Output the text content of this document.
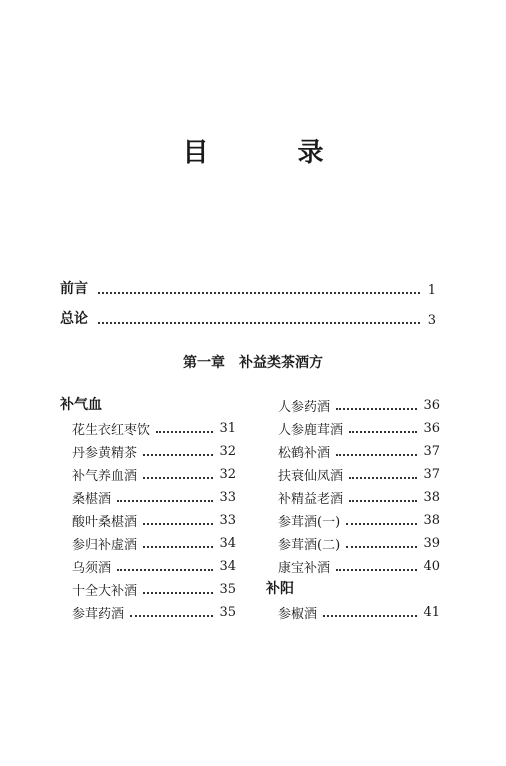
目 录
前言	1
总论	3
第一章　补益类茶酒方
补气血
花生衣红枣饮	31
丹参黄精茶	32
补气养血酒	32
桑椹酒	33
酸叶桑椹酒	33
参归补虚酒	34
乌须酒	34
十全大补酒	35
参茸药酒	35
人参药酒	36
人参鹿茸酒	36
松鹤补酒	37
扶衰仙凤酒	37
补精益老酒	38
参茸酒(一)	38
参茸酒(二)	39
康宝补酒	40
补阳
参椒酒	41
